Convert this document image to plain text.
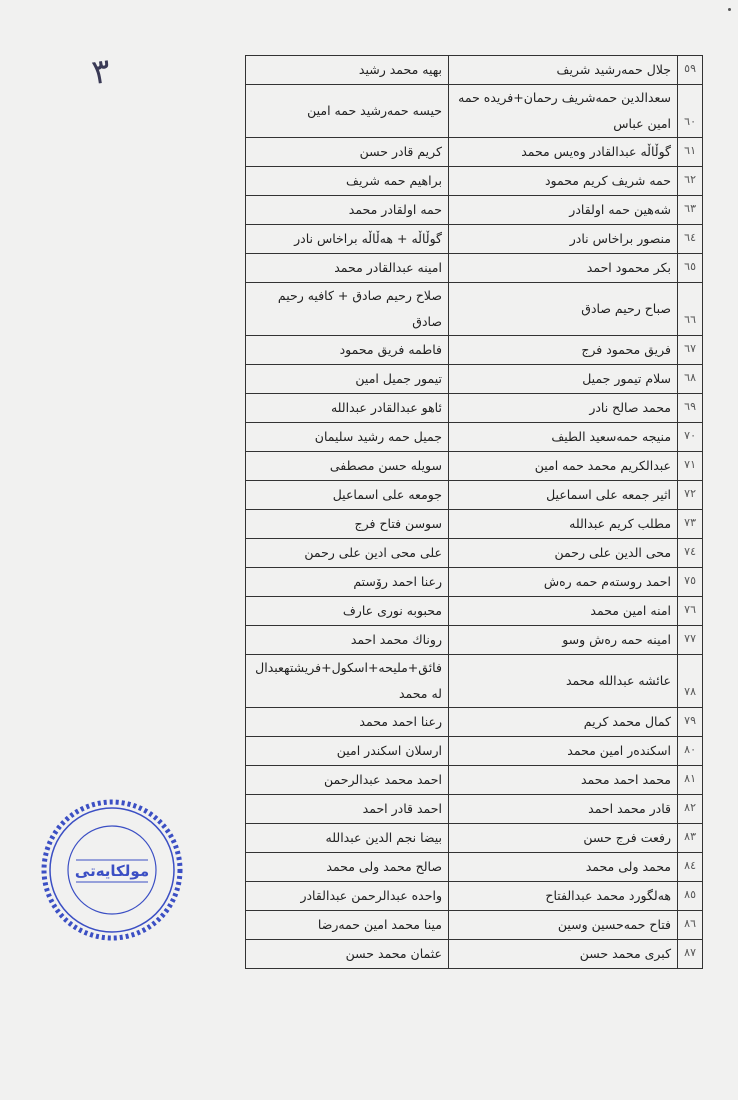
٣	٥٩	جلال حمەرشيد شريف	بهيه محمد رشيد
٦٠	سعدالدين حمەشريف رحمان+فريده حمه امين عباس	حيسه حمەرشيد حمه امين
٦١	گوڵاڵه عبدالقادر وەيس محمد	كريم قادر حسن
٦٢	حمه شريف كريم محمود	براهيم حمه شريف
٦٣	شەهين حمه اولقادر	حمه اولقادر محمد
٦٤	منصور براخاس نادر	گوڵاڵه + هەڵاڵه براخاس نادر
٦٥	بكر محمود احمد	امينه عبدالقادر محمد
٦٦	صباح رحيم صادق	صلاح رحيم صادق + كافيه رحيم صادق
٦٧	فريق محمود فرج	فاطمه فريق محمود
٦٨	سلام تيمور جميل	تيمور جميل امين
٦٩	محمد صالح نادر	ئاهو عبدالقادر عبدالله
٧٠	منيجه حمەسعيد الطيف	جميل حمه رشيد سليمان
٧١	عبدالكريم محمد حمه امين	سويله حسن مصطفى
٧٢	اثير جمعه على اسماعيل	جومعه على اسماعيل
٧٣	مطلب كريم عبدالله	سوسن فتاح فرج
٧٤	محى الدين على رحمن	على محى ادين على رحمن
٧٥	احمد روستەم حمه رەش	رعنا احمد رۆستم
٧٦	امنه امين محمد	محبوبه نورى عارف
٧٧	امينه حمه رەش وسو	روناك محمد احمد
٧٨	عائشه عبدالله محمد	فائق+مليحه+اسكول+فريشتهعبدال له محمد
٧٩	كمال محمد كريم	رعنا احمد محمد
٨٠	اسكندەر امين محمد	ارسلان اسكندر امين
٨١	محمد احمد محمد	احمد محمد عبدالرحمن
٨٢	قادر محمد احمد	احمد قادر احمد
٨٣	رفعت فرج حسن	بيضا نجم الدين عبدالله
٨٤	محمد ولى محمد	صالح محمد ولى محمد
٨٥	هەلگورد محمد عبدالفتاح	واحده عبدالرحمن عبدالقادر
٨٦	فتاح حمەحسين وسين	مينا محمد امين حمەرضا
٨٧	كبرى محمد حسن	عثمان محمد حسن
مولكايەتی
